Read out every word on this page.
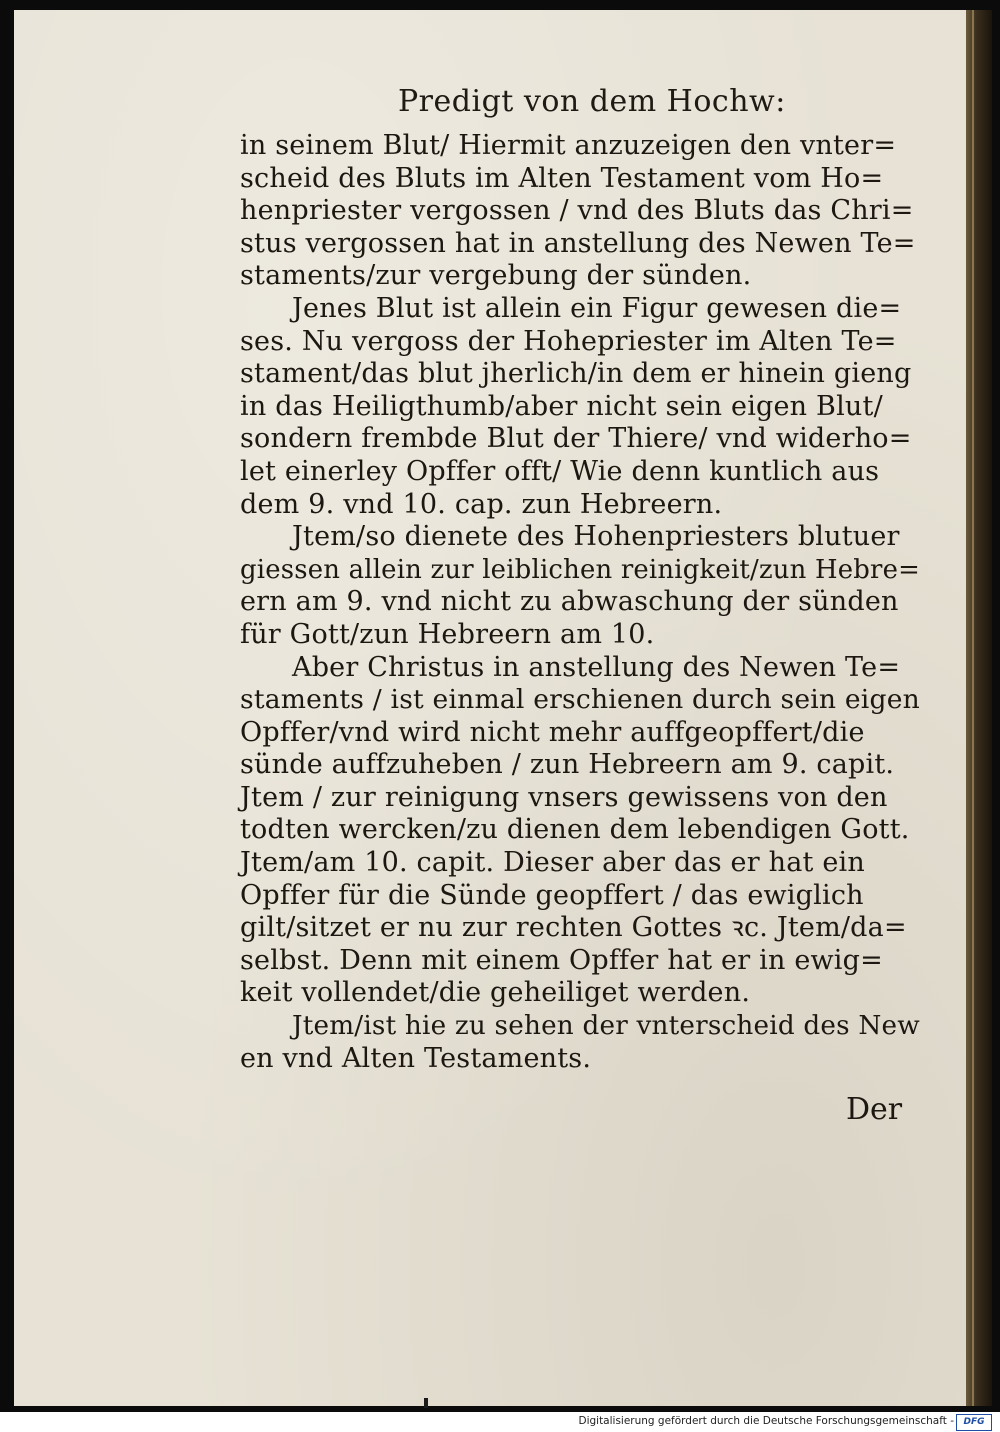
Predigt von dem Hochw:
in seinem Blut/ Hiermit anzuzeigen den vnter=
scheid des Bluts im Alten Testament vom Ho=
henpriester vergossen / vnd des Bluts das Chri=
stus vergossen hat in anstellung des Newen Te=
staments/zur vergebung der sünden.
Jenes Blut ist allein ein Figur gewesen die=
ses. Nu vergoss der Hohepriester im Alten Te=
stament/das blut jherlich/in dem er hinein gieng
in das Heiligthumb/aber nicht sein eigen Blut/
sondern frembde Blut der Thiere/ vnd widerho=
let einerley Opffer offt/ Wie denn kuntlich aus
dem 9. vnd 10. cap. zun Hebreern.
Jtem/so dienete des Hohenpriesters blutuer
giessen allein zur leiblichen reinigkeit/zun Hebre=
ern am 9. vnd nicht zu abwaschung der sünden
für Gott/zun Hebreern am 10.
Aber Christus in anstellung des Newen Te=
staments / ist einmal erschienen durch sein eigen
Opffer/vnd wird nicht mehr auffgeopffert/die
sünde auffzuheben / zun Hebreern am 9. capit.
Jtem / zur reinigung vnsers gewissens von den
todten wercken/zu dienen dem lebendigen Gott.
Jtem/am 10. capit. Dieser aber das er hat ein
Opffer für die Sünde geopffert / das ewiglich
gilt/sitzet er nu zur rechten Gottes ꝛc. Jtem/da=
selbst. Denn mit einem Opffer hat er in ewig=
keit vollendet/die geheiliget werden.
Jtem/ist hie zu sehen der vnterscheid des New
en vnd Alten Testaments.
Der
Digitalisierung gefördert durch die Deutsche Forschungsgemeinschaft -	DFG
